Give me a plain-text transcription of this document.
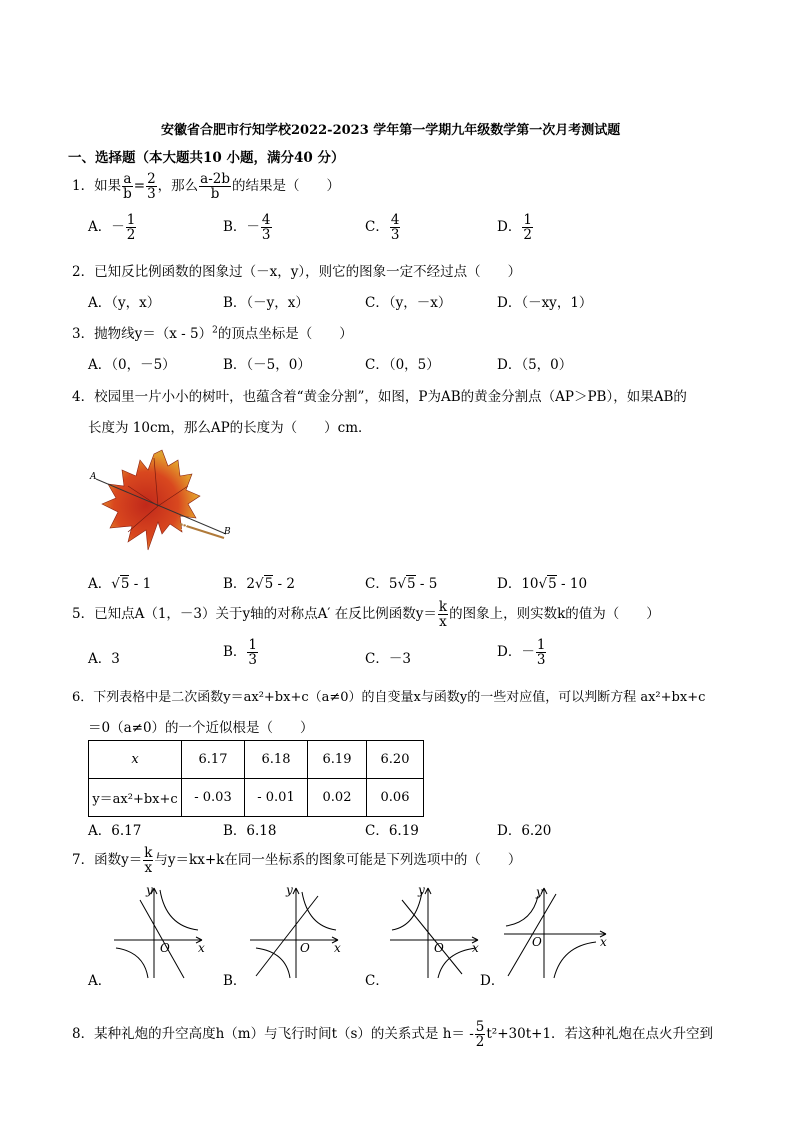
安徽省合肥市行知学校2022-2023 学年第一学期九年级数学第一次月考测试题
一、选择题（本大题共10 小题，满分40 分）
1．如果 $\frac{a}{b} = \frac{2}{3}$ ，那么 $\frac{a-2b}{b}$ 的结果是（　　）
A．－ $\frac{1}{2}$	B．－ $\frac{4}{3}$	C． $\frac{4}{3}$	D． $\frac{1}{2}$
2．已知反比例函数的图象过（－x，y），则它的图象一定不经过点（　　）
A．（y，x）	B．（－y，x）	C．（y，－x）	D．（－xy，1）
3．抛物线y＝（x - 5）$^2$的顶点坐标是（　　）
A．（0，－5）	B．（－5，0）	C．（0，5）	D．（5，0）
4．校园里一片小小的树叶，也蕴含着“黄金分割”，如图，P为AB的黄金分割点（AP＞PB），如果AB的
长度为 10cm，那么AP的长度为（　　）cm．
A
P	B
A．√5 - 1	B．2√5 - 2	C．5√5 - 5	D．10√5 - 10
5．已知点A（1，－3）关于y轴的对称点A′ 在反比例函数$y= \frac{k}{x}$ 的图象上，则实数k的值为（　　）
A．3	B． $\frac{1}{3}$	C．－3	D．－ $\frac{1}{3}$
6．下列表格中是二次函数y＝ax²+bx+c（a≠0）的自变量x与函数y的一些对应值，可以判断方程 ax²+bx+c
＝0（a≠0）的一个近似根是（　　）
x	6.17	6.18	6.19	6.20
y＝ax²+bx+c	- 0.03	- 0.01	0.02	0.06
A．6.17	B．6.18	C．6.19	D．6.20
7．函数$y= \frac{k}{x}$ 与y＝kx+k在同一坐标系的图象可能是下列选项中的（　　）
x
y
O
A．
x
y
O
B．
x
y
O
C．
x
y
O
D．
8．某种礼炮的升空高度h（m）与飞行时间t（s）的关系式是 $h= - \frac{5}{2} t^2+30t+1$．若这种礼炮在点火升空到
